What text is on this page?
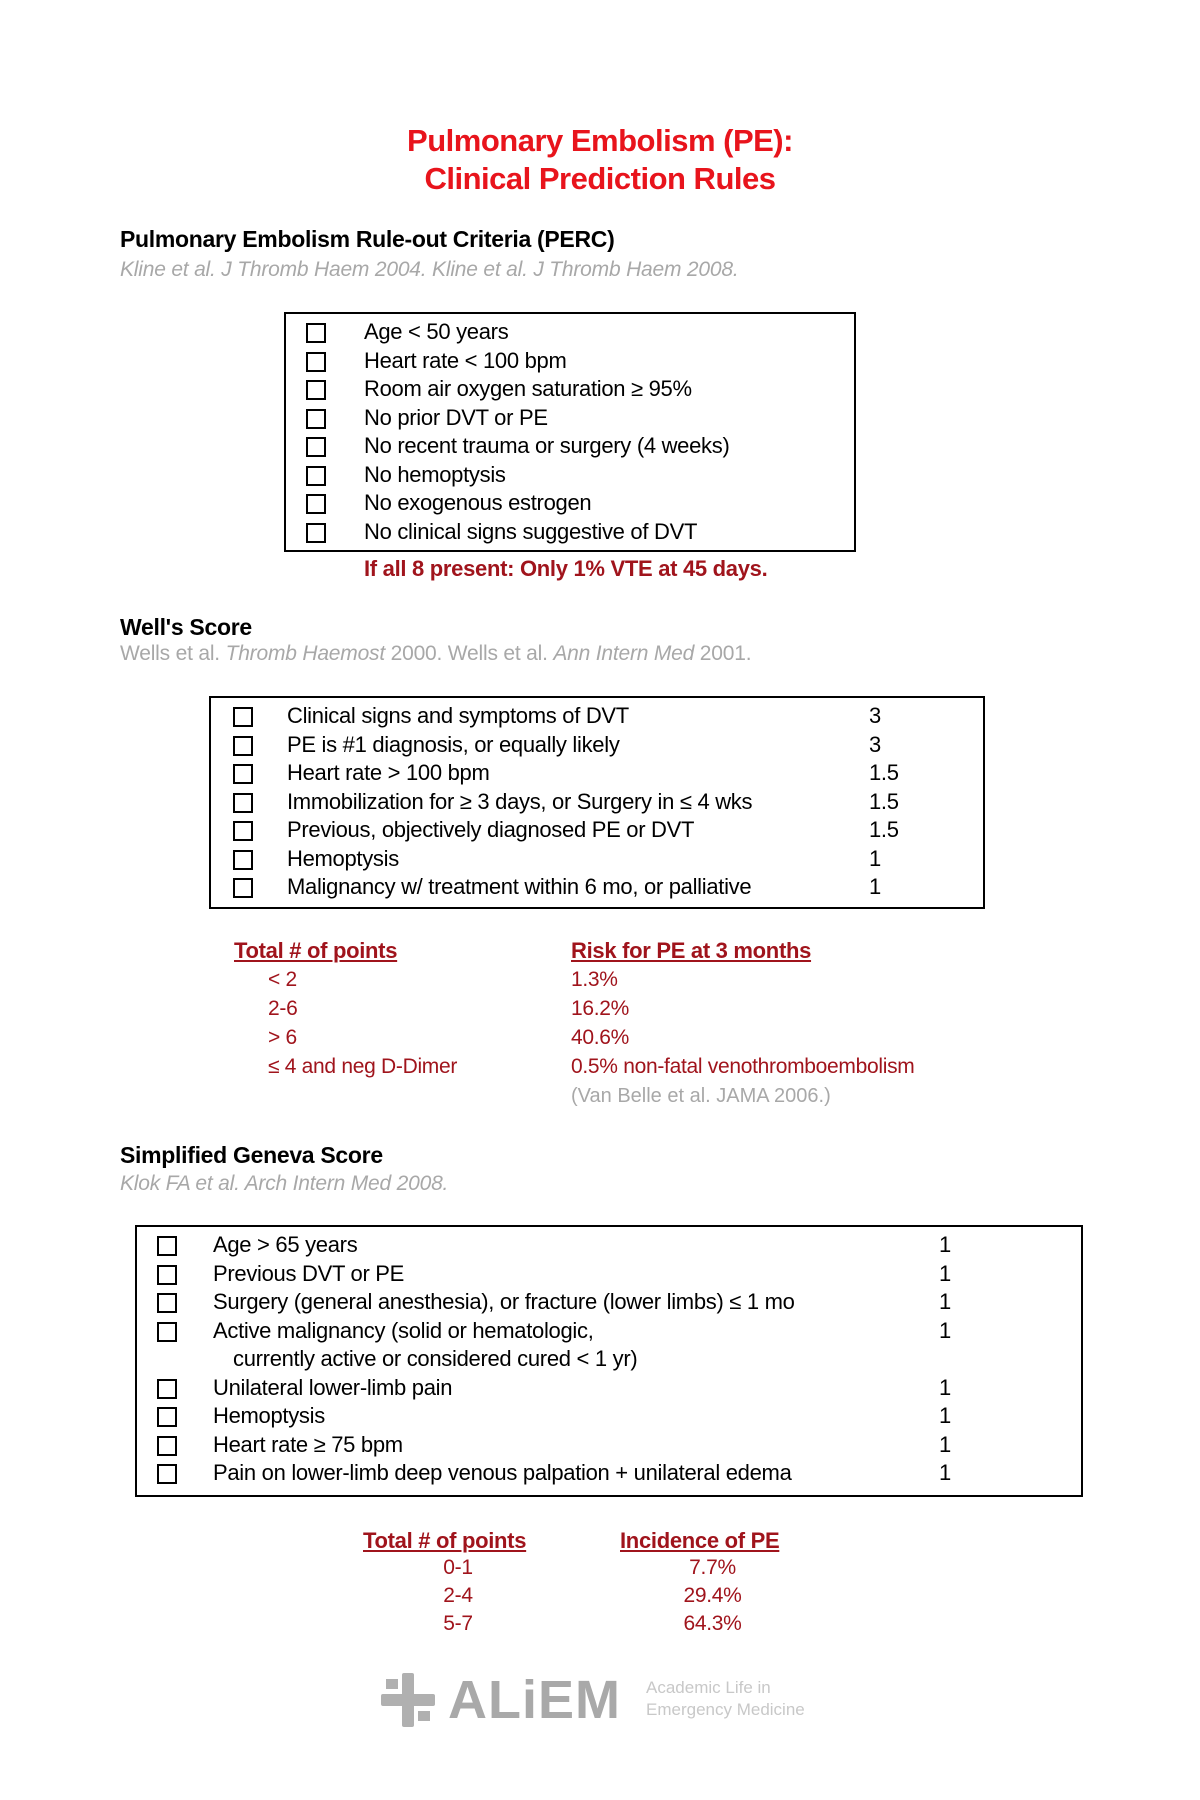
Pulmonary Embolism (PE):
Clinical Prediction Rules
Pulmonary Embolism Rule-out Criteria (PERC)
Kline et al. J Thromb Haem 2004. Kline et al. J Thromb Haem 2008.
Age < 50 years
Heart rate < 100 bpm
Room air oxygen saturation ≥ 95%
No prior DVT or PE
No recent trauma or surgery (4 weeks)
No hemoptysis
No exogenous estrogen
No clinical signs suggestive of DVT
If all 8 present: Only 1% VTE at 45 days.
Well's Score
Wells et al. Thromb Haemost 2000. Wells et al. Ann Intern Med 2001.
Clinical signs and symptoms of DVT	3
PE is #1 diagnosis, or equally likely	3
Heart rate > 100 bpm	1.5
Immobilization for ≥ 3 days, or Surgery in ≤ 4 wks	1.5
Previous, objectively diagnosed PE or DVT	1.5
Hemoptysis	1
Malignancy w/ treatment within 6 mo, or palliative	1
Total # of points	Risk for PE at 3 months
< 2	1.3%
2-6	16.2%
> 6	40.6%
≤ 4 and neg D-Dimer	0.5% non-fatal venothromboembolism
(Van Belle et al. JAMA 2006.)
Simplified Geneva Score
Klok FA et al. Arch Intern Med 2008.
Age > 65 years	1
Previous DVT or PE	1
Surgery (general anesthesia), or fracture (lower limbs) ≤ 1 mo	1
Active malignancy (solid or hematologic,	1
currently active or considered cured < 1 yr)
Unilateral lower-limb pain	1
Hemoptysis	1
Heart rate ≥ 75 bpm	1
Pain on lower-limb deep venous palpation + unilateral edema	1
Total # of points	Incidence of PE
0-1	7.7%
2-4	29.4%
5-7	64.3%
ALiEM Academic Life in
Emergency Medicine
